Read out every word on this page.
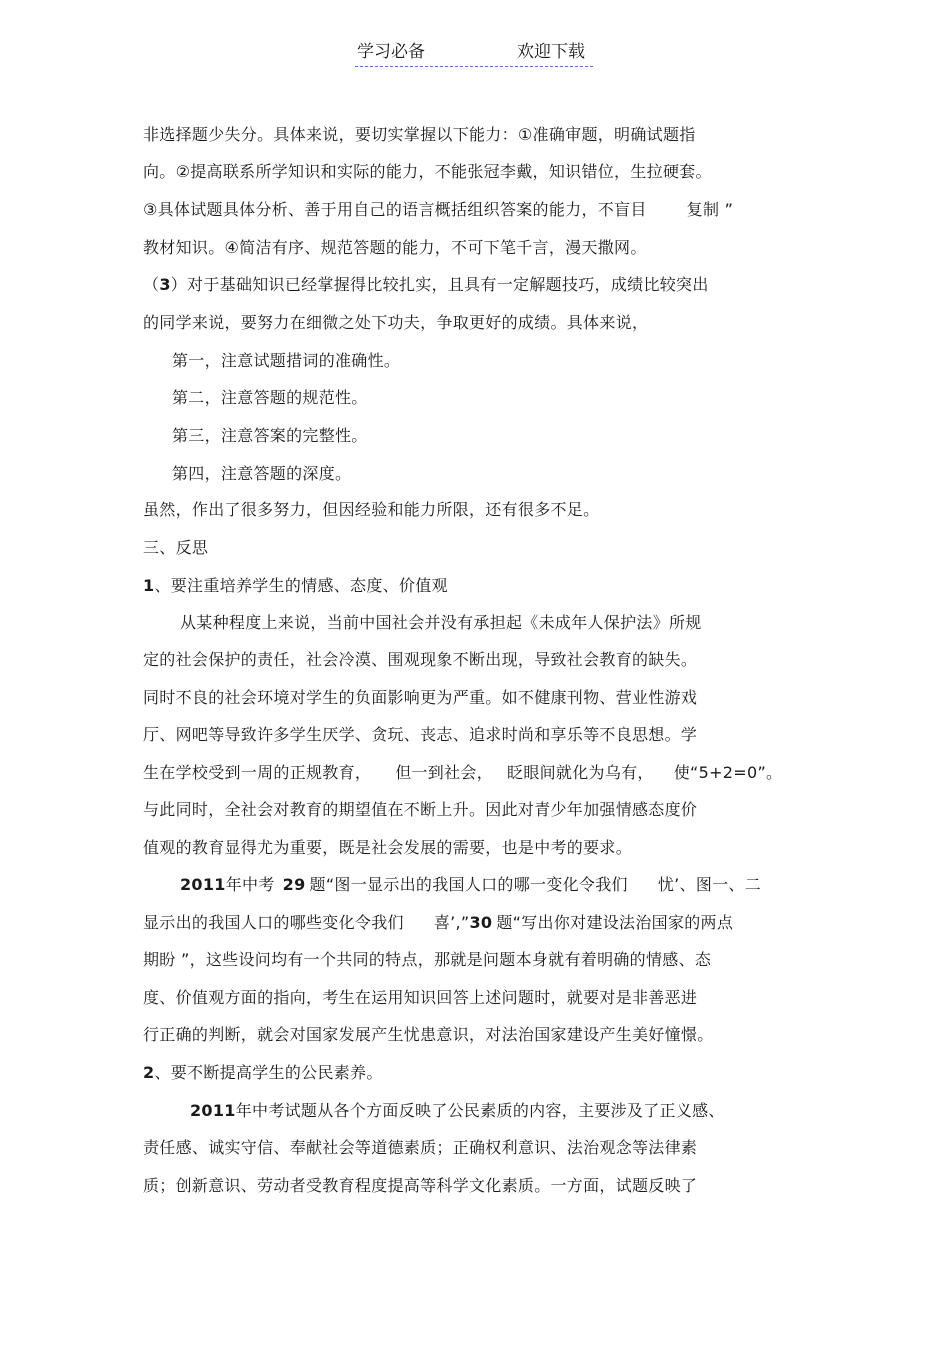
学习必备	欢迎下载
非选择题少失分。具体来说，要切实掌握以下能力：①准确审题，明确试题指
向。②提高联系所学知识和实际的能力，不能张冠李戴，知识错位，生拉硬套。
③具体试题具体分析、善于用自己的语言概括组织答案的能力，不盲目	复制 ”
教材知识。④简洁有序、规范答题的能力，不可下笔千言，漫天撒网。
（3）对于基础知识已经掌握得比较扎实，且具有一定解题技巧，成绩比较突出
的同学来说，要努力在细微之处下功夫，争取更好的成绩。具体来说，
第一，注意试题措词的准确性。
第二，注意答题的规范性。
第三，注意答案的完整性。
第四，注意答题的深度。
虽然，作出了很多努力，但因经验和能力所限，还有很多不足。
三、反思
1、要注重培养学生的情感、态度、价值观
从某种程度上来说，当前中国社会并没有承担起《未成年人保护法》所规
定的社会保护的责任，社会冷漠、围观现象不断出现，导致社会教育的缺失。
同时不良的社会环境对学生的负面影响更为严重。如不健康刊物、营业性游戏
厅、网吧等导致许多学生厌学、贪玩、丧志、追求时尚和享乐等不良思想。学
生在学校受到一周的正规教育， 但一到社会， 眨眼间就化为乌有， 使“5+2=0”。
与此同时，全社会对教育的期望值在不断上升。因此对青少年加强情感态度价
值观的教育显得尤为重要，既是社会发展的需要，也是中考的要求。
2011年中考 29 题“图一显示出的我国人口的哪一变化令我们 忧’、图一、二
显示出的我国人口的哪些变化令我们 喜’,”30 题“写出你对建设法治国家的两点
期盼 ”，这些设问均有一个共同的特点，那就是问题本身就有着明确的情感、态
度、价值观方面的指向，考生在运用知识回答上述问题时，就要对是非善恶进
行正确的判断，就会对国家发展产生忧患意识，对法治国家建设产生美好憧憬。
2、要不断提高学生的公民素养。
2011年中考试题从各个方面反映了公民素质的内容，主要涉及了正义感、
责任感、诚实守信、奉献社会等道德素质；正确权利意识、法治观念等法律素
质；创新意识、劳动者受教育程度提高等科学文化素质。一方面，试题反映了
